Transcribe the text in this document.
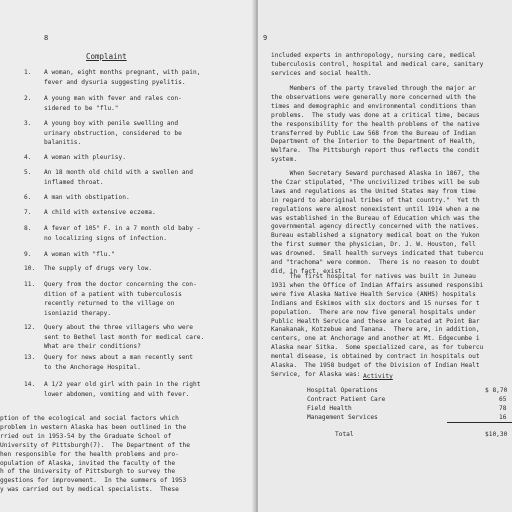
8
Complaint
1. A woman, eight months pregnant, with pain,
fever and dysuria suggesting pyelitis.
2. A young man with fever and rales con-
sidered to be "flu."
3. A young boy with penile swelling and
urinary obstruction, considered to be
balanitis.
4. A woman with pleurisy.
5. An 18 month old child with a swollen and
inflamed throat.
6. A man with obstipation.
7. A child with extensive eczema.
8. A fever of 105° F. in a 7 month old baby -
no localizing signs of infection.
9. A woman with "flu."
10. The supply of drugs very low.
11. Query from the doctor concerning the con-
dition of a patient with tuberculosis
recently returned to the village on
isoniazid therapy.
12. Query about the three villagers who were
sent to Bethel last month for medical care.
What are their conditions?
13. Query for news about a man recently sent
to the Anchorage Hospital.
14. A 1/2 year old girl with pain in the right
lower abdomen, vomiting and with fever.
ption of the ecological and social factors which
problem in western Alaska has been outlined in the
rried out in 1953-54 by the Graduate School of
University of Pittsburgh(7).  The Department of the
hen responsible for the health problems and pro-
opulation of Alaska, invited the faculty of the
h of the University of Pittsburgh to survey the
ggestions for improvement.  In the summers of 1953
y was carried out by medical specialists.  These
9
included experts in anthropology, nursing care, medical
tuberculosis control, hospital and medical care, sanitary
services and social health.
Members of the party traveled through the major ar
the observations were generally more concerned with the
times and demographic and environmental conditions than
problems.  The study was done at a critical time, becaus
the responsibility for the health problems of the native
transferred by Public Law 568 from the Bureau of Indian
Department of the Interior to the Department of Health,
Welfare.  The Pittsburgh report thus reflects the condit
system.
When Secretary Seward purchased Alaska in 1867, the
the Czar stipulated, "The uncivilized tribes will be sub
laws and regulations as the United States may from time
in regard to aboriginal tribes of that country."  Yet th
regulations were almost nonexistent until 1914 when a me
was established in the Bureau of Education which was the
governmental agency directly concerned with the natives.
Bureau established a signatory medical boat on the Yukon
the first summer the physician, Dr. J. W. Houston, fell
was drowned.  Small health surveys indicated that tubercu
and "trachoma" were common.  There is no reason to doubt
did, in fact, exist.
The first hospital for natives was built in Juneau
1931 when the Office of Indian Affairs assumed responsibi
were five Alaska Native Health Service (ANHS) hospitals
Indians and Eskimos with six doctors and 15 nurses for t
population.  There are now five general hospitals under
Public Health Service and these are located at Point Bar
Kanakanak, Kotzebue and Tanana.  There are, in addition,
centers, one at Anchorage and another at Mt. Edgecumbe i
Alaska near Sitka.  Some specialized care, as for tubercu
mental disease, is obtained by contract in hospitals out
Alaska.  The 1958 budget of the Division of Indian Healt
Service, for Alaska was: Activity
Hospital Operations	$ 8,70
Contract Patient Care	65
Field Health	78
Management Services	16
Total	$10,30
